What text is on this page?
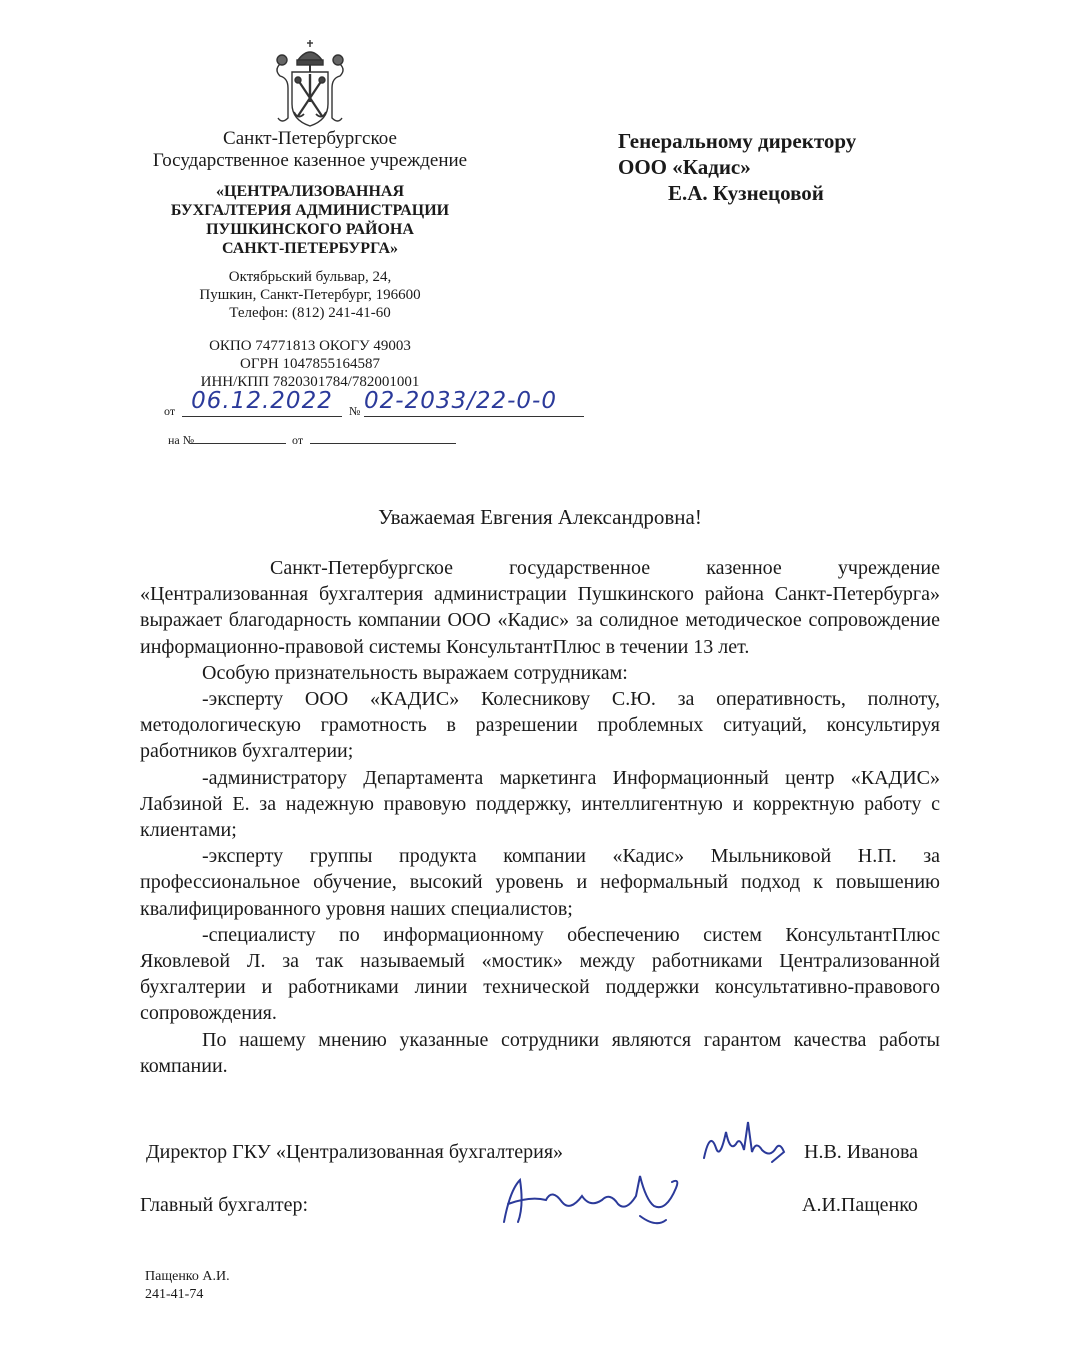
Санкт-Петербургское
Государственное казенное учреждение
«ЦЕНТРАЛИЗОВАННАЯ
БУХГАЛТЕРИЯ АДМИНИСТРАЦИИ
ПУШКИНСКОГО РАЙОНА
САНКТ-ПЕТЕРБУРГА»
Октябрьский бульвар, 24,
Пушкин, Санкт-Петербург, 196600
Телефон: (812) 241-41-60
ОКПО 74771813 ОКОГУ 49003
ОГРН 1047855164587
ИНН/КПП 7820301784/782001001
от 06.12.2022	№ 02-2033/22-0-0
на №	от
Генеральному директору
ООО «Кадис»
Е.А. Кузнецовой
Уважаемая Евгения Александровна!

Санкт-Петербургское государственное казенное учреждение «Централизованная бухгалтерия администрации Пушкинского района Санкт-Петербурга» выражает благодарность компании ООО «Кадис» за солидное методическое сопровождение информационно-правовой системы КонсультантПлюс в течении 13 лет.

Особую признательность выражаем сотрудникам:

-эксперту ООО «КАДИС» Колесникову С.Ю. за оперативность, полноту, методологическую грамотность в разрешении проблемных ситуаций, консультируя работников бухгалтерии;

-администратору Департамента маркетинга Информационный центр «КАДИС» Лабзиной Е. за надежную правовую поддержку, интеллигентную и корректную работу с клиентами;

-эксперту группы продукта компании «Кадис» Мыльниковой Н.П. за профессиональное обучение, высокий уровень и неформальный подход к повышению квалифицированного уровня наших специалистов;

-специалисту по информационному обеспечению систем КонсультантПлюс Яковлевой Л. за так называемый «мостик» между работниками Централизованной бухгалтерии и работниками линии технической поддержки консультативно-правового сопровождения.

По нашему мнению указанные сотрудники являются гарантом качества работы компании.

Директор ГКУ «Централизованная бухгалтерия»	Н.В. Иванова
Главный бухгалтер:	А.И.Пащенко
Пащенко А.И.
241-41-74
